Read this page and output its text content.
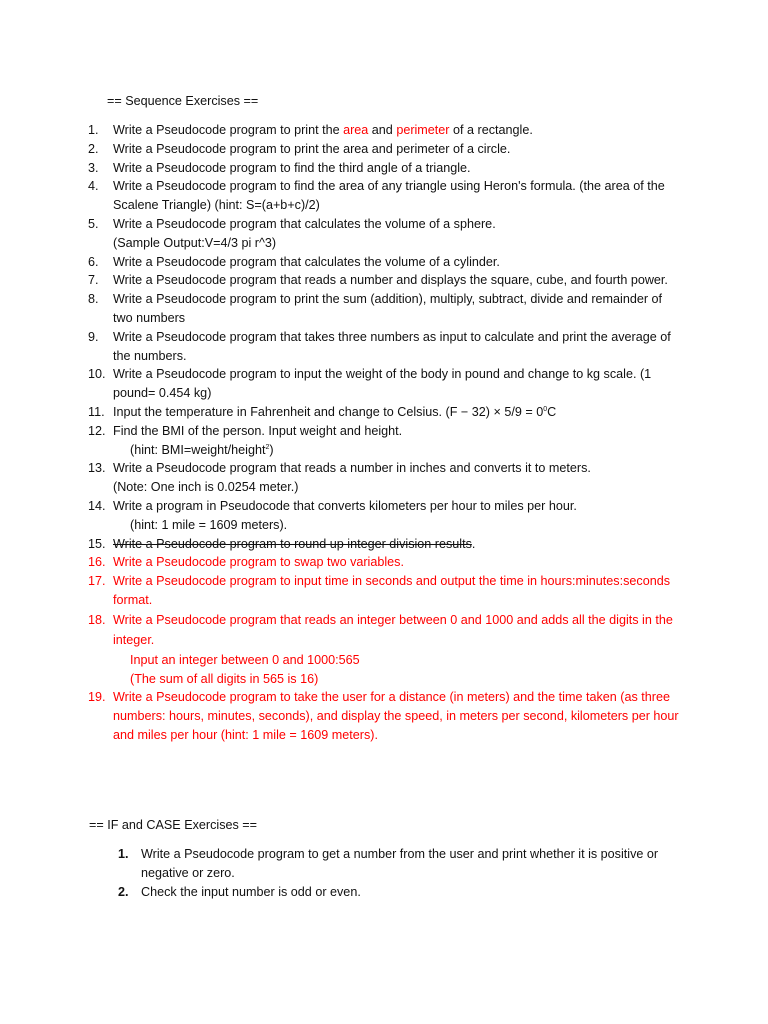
== Sequence Exercises ==
1. Write a Pseudocode program to print the area and perimeter of a rectangle.
2. Write a Pseudocode program to print the area and perimeter of a circle.
3. Write a Pseudocode program to find the third angle of a triangle.
4. Write a Pseudocode program to find the area of any triangle using Heron's formula. (the area of the Scalene Triangle) (hint: S=(a+b+c)/2)
5. Write a Pseudocode program that calculates the volume of a sphere.
(Sample Output:V=4/3 pi r^3)
6. Write a Pseudocode program that calculates the volume of a cylinder.
7. Write a Pseudocode program that reads a number and displays the square, cube, and fourth power.
8. Write a Pseudocode program to print the sum (addition), multiply, subtract, divide and remainder of two numbers
9. Write a Pseudocode program that takes three numbers as input to calculate and print the average of the numbers.
10. Write a Pseudocode program to input the weight of the body in pound and change to kg scale. (1 pound= 0.454 kg)
11. Input the temperature in Fahrenheit and change to Celsius. $(F - 32) \times 5/9 = 0^0C$
12. Find the BMI of the person. Input weight and height.
(hint: BMI=weight/height$^2$)
13. Write a Pseudocode program that reads a number in inches and converts it to meters.
(Note: One inch is 0.0254 meter.)
14. Write a program in Pseudocode that converts kilometers per hour to miles per hour.
(hint: 1 mile = 1609 meters).
15. Write a Pseudocode program to round up integer division results.
16. Write a Pseudocode program to swap two variables.
17. Write a Pseudocode program to input time in seconds and output the time in hours:minutes:seconds format.
18. Write a Pseudocode program that reads an integer between 0 and 1000 and adds all the digits in the integer.
Input an integer between 0 and 1000:565
(The sum of all digits in 565 is 16)
19. Write a Pseudocode program to take the user for a distance (in meters) and the time taken (as three numbers: hours, minutes, seconds), and display the speed, in meters per second, kilometers per hour and miles per hour (hint: 1 mile = 1609 meters).
== IF and CASE Exercises ==
1. Write a Pseudocode program to get a number from the user and print whether it is positive or negative or zero.
2. Check the input number is odd or even.
